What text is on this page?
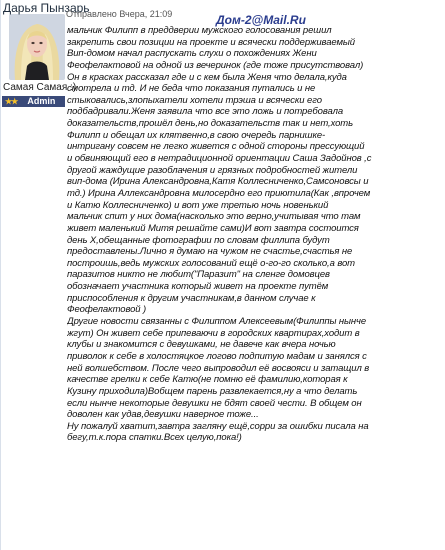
Дарья Пынзарь
Отправлено Вчера, 21:09	Дом-2@Mail.Ru
Самая Самая :)
★★	Admin
мальчик Филипп в преддверии мужского голосования решил
закрепить свои позиции на проекте и всячески поддерживаемый
Вип-домом начал распускать слухи о похождениях Жени
Феофелактовой на одной из вечеринок (где тоже присутствовал)
Он в красках рассказал где и с кем была Женя что делала,куда
смотрела и тд. И не беда что показания путались и не
стыковались,злопыхатели хотели трэша и всячески его
подбадривали.Женя заявила что все это ложь и потребовала
доказательств,прошёл день,но доказательств так и нет,хоть
Филипп и обещал их клятвенно,в свою очередь парнишке-
интригану совсем не легко живется с одной стороны прессующий
и обвиняющий его в нетрадиционной ориентации Саша Задойнов ,с
другой жаждущие разоблачения и грязных подробностей жители
вип-дома (Ирина Александровна,Катя Коллесниченко,Самсоновсы и
тд.) Ирина Аллександровна милосердно его приютила(Как ,впрочем
и Катю Коллесниченко) и вот уже третью ночь новенький
мальчик спит у них дома(насколько это верно,учитывая что там
живет маленький Митя решайте сами)И вот завтра состоится
день Х,обещанные фотографии по словам филлипа будут
предоставлены.Лично я думаю на чужом не счастье,счастья не
построишь,ведь мужских голосований ещё о-го-го сколько,а вот
паразитов никто не любит("Паразит" на сленге домовцев
обозначает участника который живет на проекте путём
приспособления к другим участникам,в данном случае к
Феофелактовой )
Другие новости связанны с Филиппом Алексеевым(Филиппы нынче
жгут) Он живет себе припеваючи в городских квартирах,ходит в
клубы и знакомится с девушками, не давече как вчера ночью
приволок к себе в холостяцкое логово подпитую мадам и занялся с
ней волшебством. После чего выпроводил её восвояси и затащил в
качестве грелки к себе Катю(не помню её фамилию,которая к
Кузину приходила)Вобщем парень развлекается,ну а что делать
если нынче некоторые девушки не бдят своей чести. В общем он
доволен как удав,девушки наверное тоже...
Ну пожалуй хватит,завтра загляну ещё,сорри за ошибки писала на
бегу,т.к.пора спатки.Всех целую,пока!)
